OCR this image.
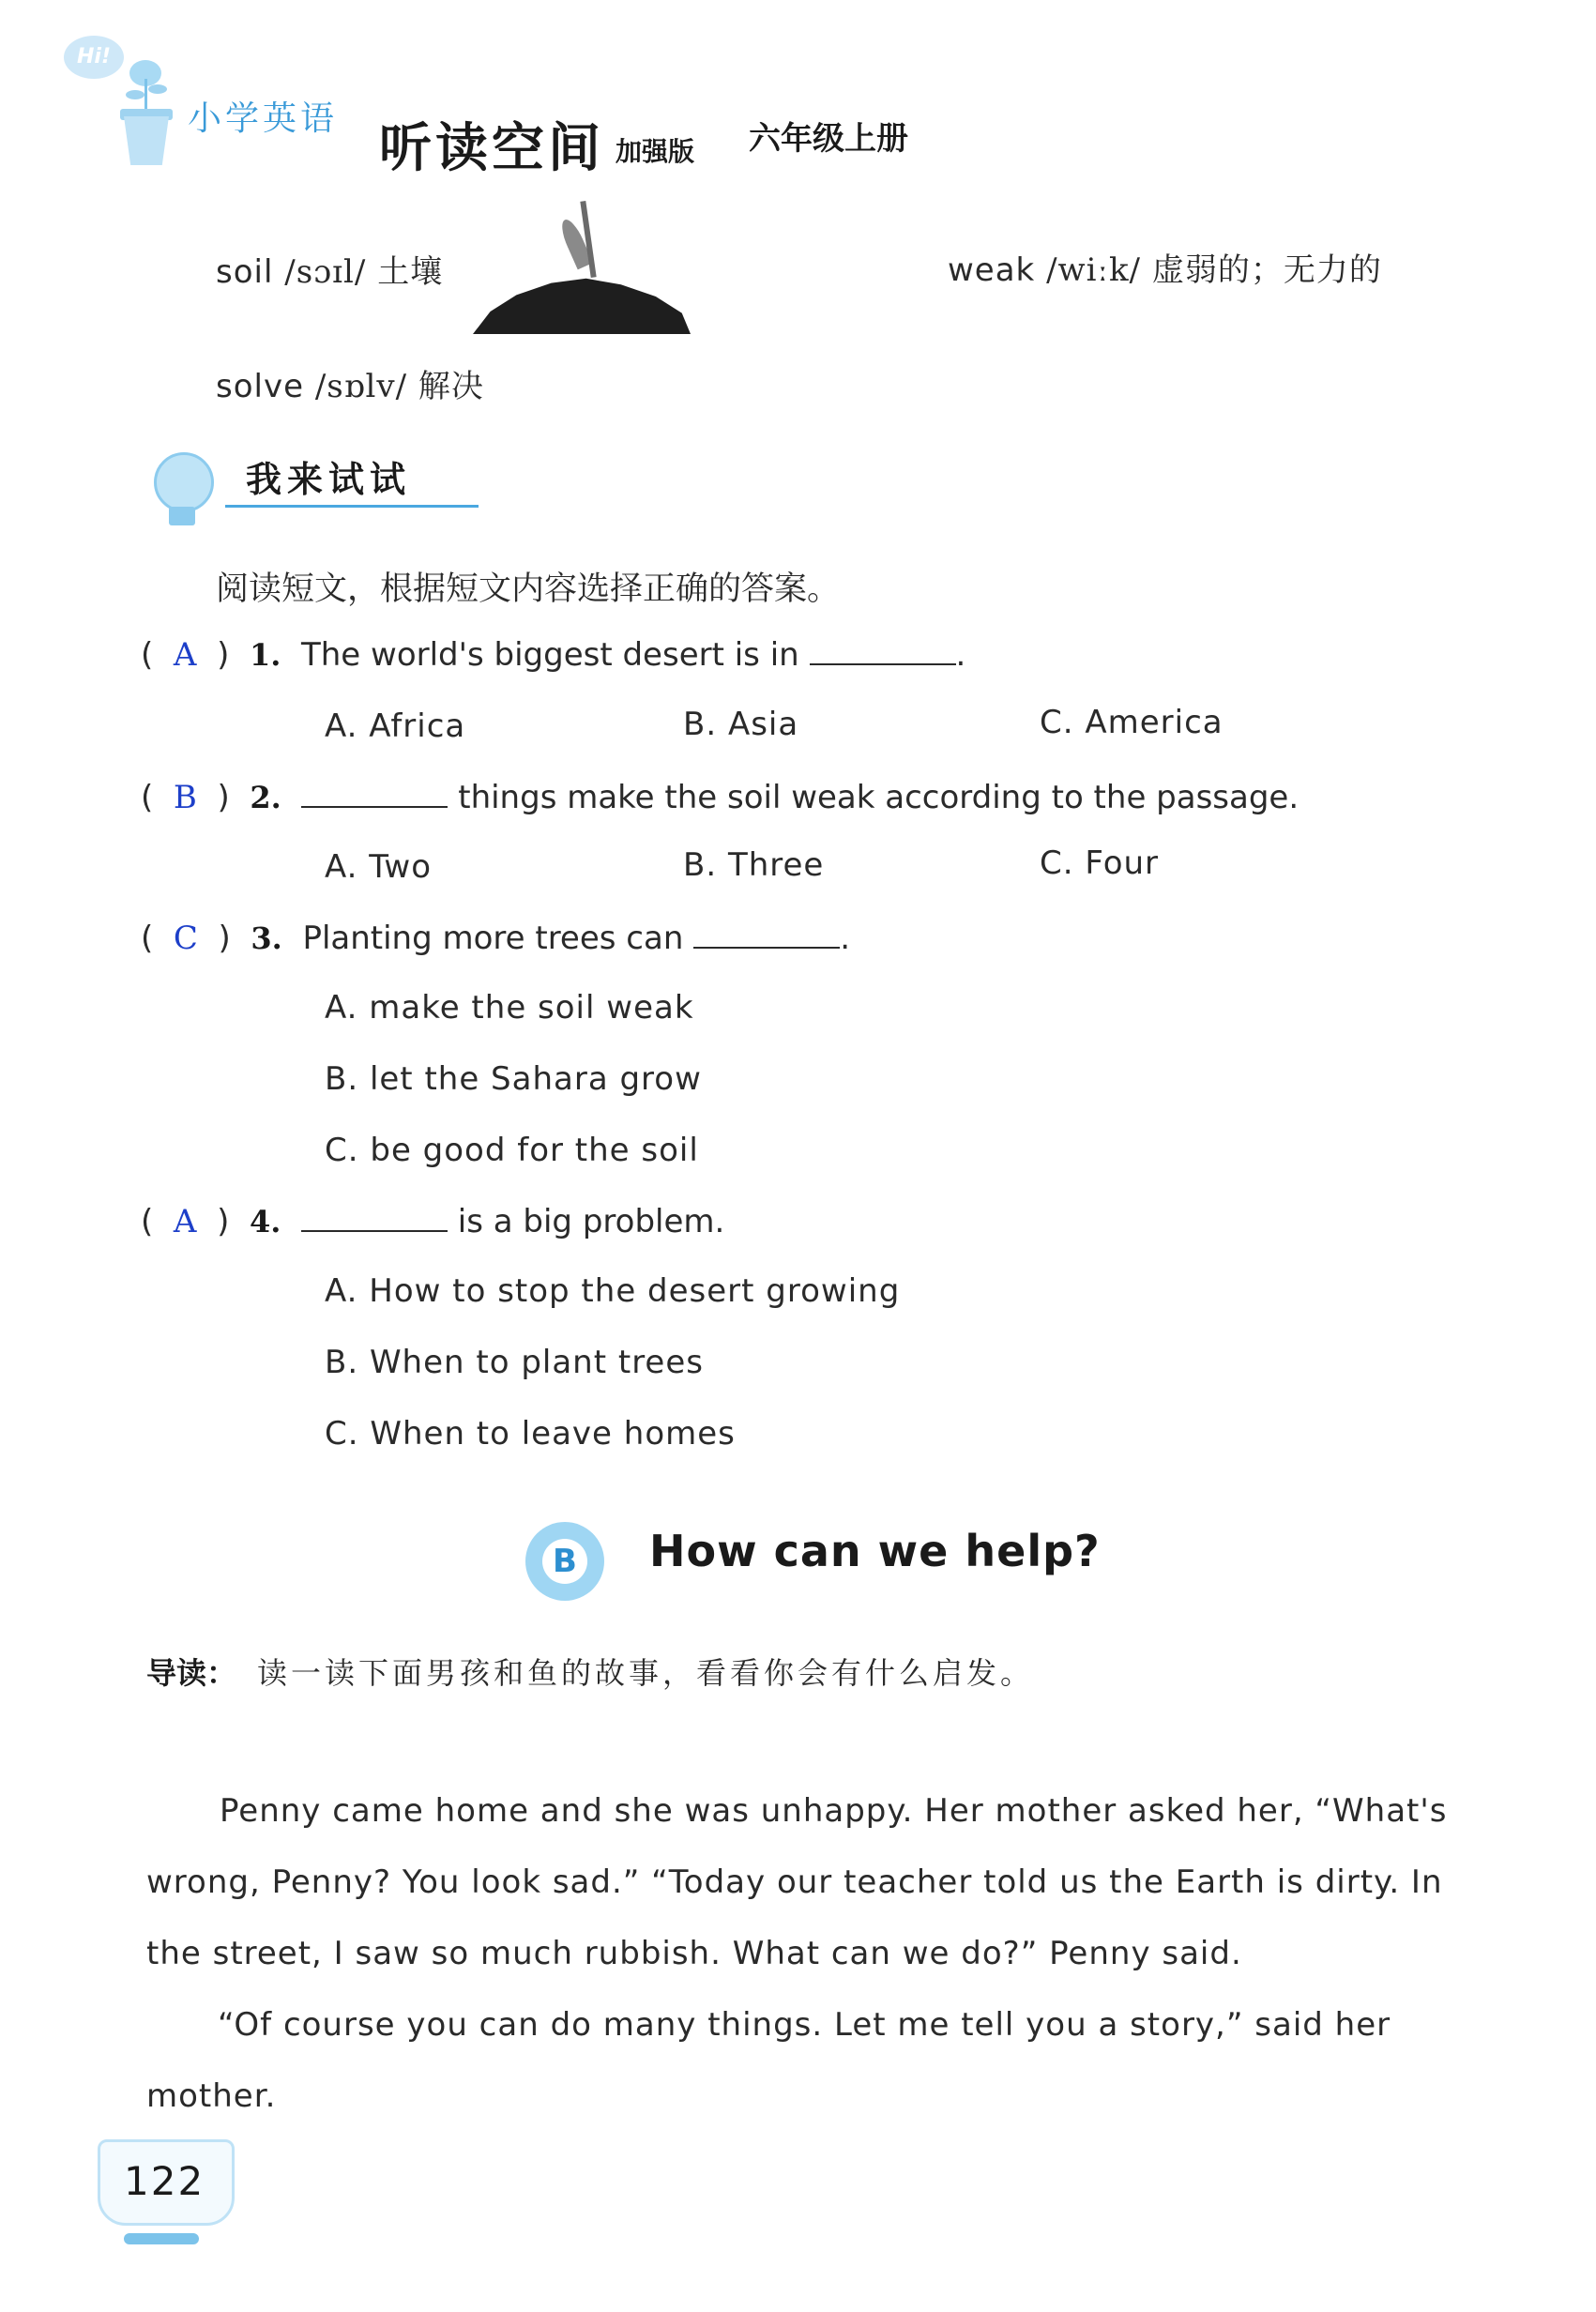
Hi!
小学英语 听读空间 加强版 六年级上册
soil /sɔɪl/ 土壤	weak /wiːk/ 虚弱的；无力的
solve /sɒlv/ 解决
我来试试
阅读短文，根据短文内容选择正确的答案。
(  A  )  1. The world's biggest desert is in	.
A. Africa	B. Asia	C. America
(  B  )  2.	things make the soil weak according to the passage.
A. Two	B. Three	C. Four
(  C  )  3. Planting more trees can	.
A. make the soil weak
B. let the Sahara grow
C. be good for the soil
(  A  )  4.	is a big problem.
A. How to stop the desert growing
B. When to plant trees
C. When to leave homes
B How can we help?
导读： 读一读下面男孩和鱼的故事，看看你会有什么启发。
Penny came home and she was unhappy. Her mother asked her, “What's
wrong, Penny? You look sad.” “Today our teacher told us the Earth is dirty. In
the street, I saw so much rubbish. What can we do?” Penny said.
“Of course you can do many things. Let me tell you a story,” said her
mother.
122
